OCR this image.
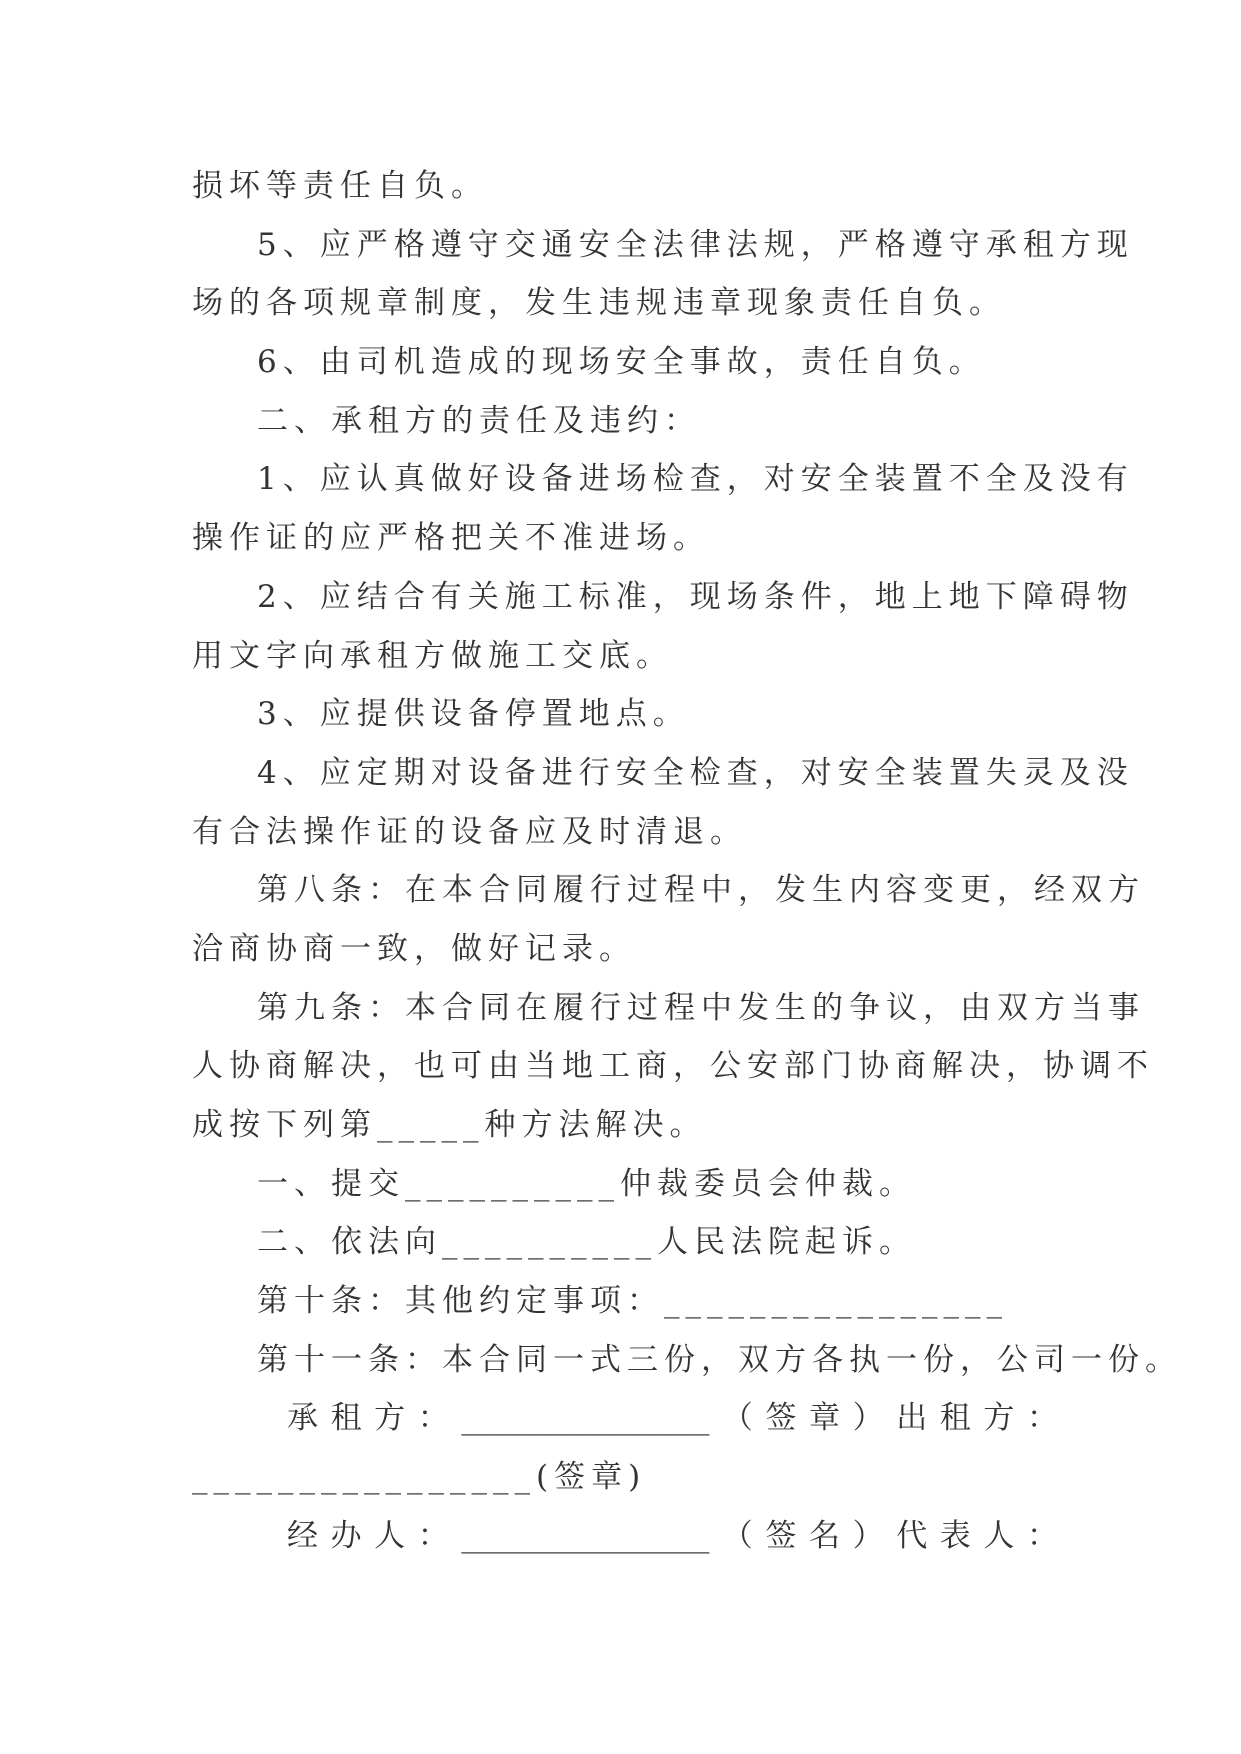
损坏等责任自负。
5、应严格遵守交通安全法律法规，严格遵守承租方现
场的各项规章制度，发生违规违章现象责任自负。
6、由司机造成的现场安全事故，责任自负。
二、承租方的责任及违约：
1、应认真做好设备进场检查，对安全装置不全及没有
操作证的应严格把关不准进场。
2、应结合有关施工标准，现场条件，地上地下障碍物
用文字向承租方做施工交底。
3、应提供设备停置地点。
4、应定期对设备进行安全检查，对安全装置失灵及没
有合法操作证的设备应及时清退。
第八条：在本合同履行过程中，发生内容变更，经双方
洽商协商一致，做好记录。
第九条：本合同在履行过程中发生的争议，由双方当事
人协商解决，也可由当地工商，公安部门协商解决，协调不
成按下列第_____种方法解决。
一、提交__________仲裁委员会仲裁。
二、依法向__________人民法院起诉。
第十条：其他约定事项：________________
第十一条：本合同一式三份，双方各执一份，公司一份。
承 租 方 ： ________________ （ 签 章 ） 出 租 方 ：
________________(签章)
经 办 人 ： ________________ （ 签 名 ） 代 表 人 ：
